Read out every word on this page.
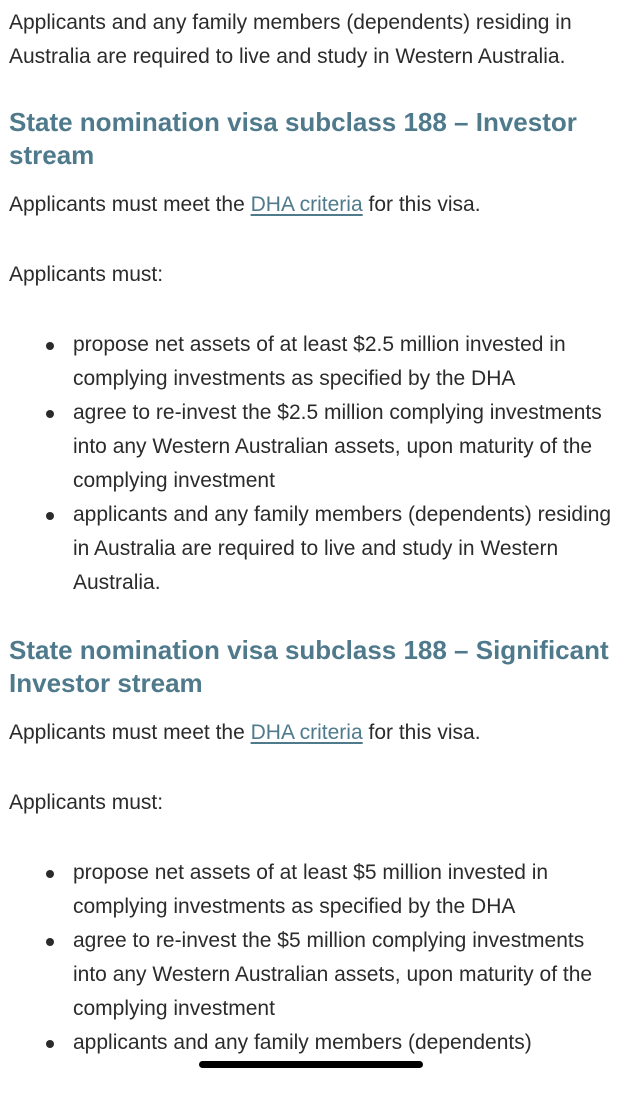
Applicants and any family members (dependents) residing in Australia are required to live and study in Western Australia.

State nomination visa subclass 188 – Investor stream

Applicants must meet the DHA criteria for this visa.

Applicants must:

propose net assets of at least $2.5 million invested in complying investments as specified by the DHA
agree to re-invest the $2.5 million complying investments into any Western Australian assets, upon maturity of the complying investment
applicants and any family members (dependents) residing in Australia are required to live and study in Western Australia.
State nomination visa subclass 188 – Significant Investor stream

Applicants must meet the DHA criteria for this visa.

Applicants must:

propose net assets of at least $5 million invested in complying investments as specified by the DHA
agree to re-invest the $5 million complying investments into any Western Australian assets, upon maturity of the complying investment
applicants and any family members (dependents)
